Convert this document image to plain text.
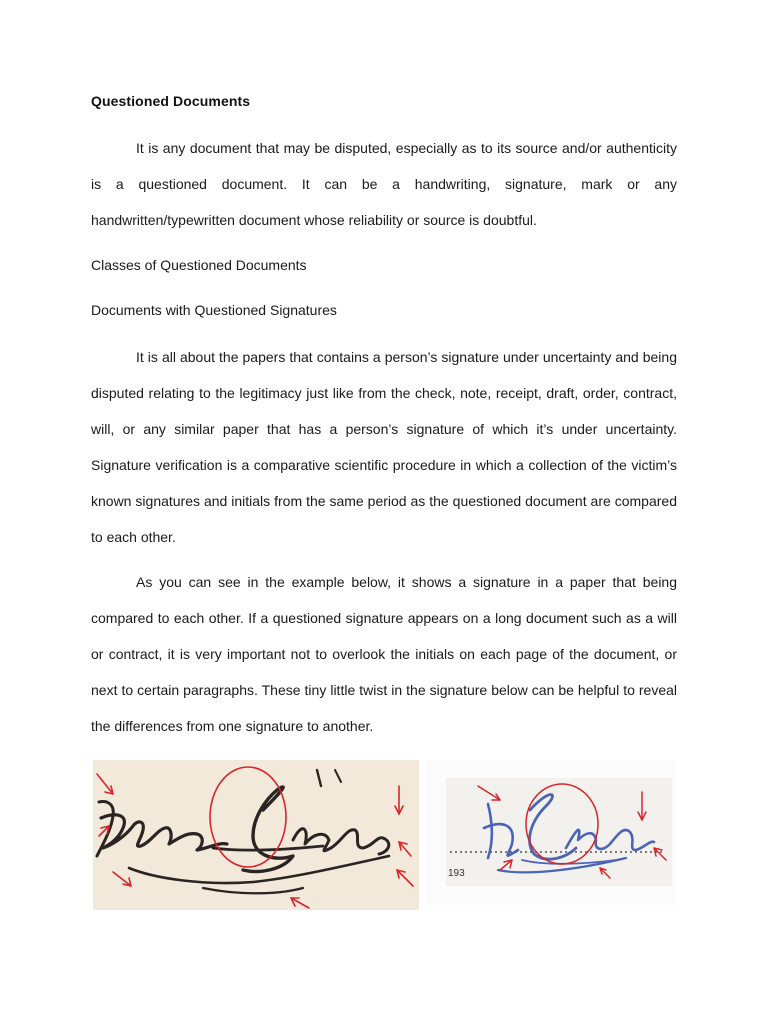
Questioned Documents

It is any document that may be disputed, especially as to its source and/or authenticity is a questioned document. It can be a handwriting, signature, mark or any handwritten/typewritten document whose reliability or source is doubtful.

Classes of Questioned Documents
Documents with Questioned Signatures

It is all about the papers that contains a person’s signature under uncertainty and being disputed relating to the legitimacy just like from the check, note, receipt, draft, order, contract, will, or any similar paper that has a person’s signature of which it’s under uncertainty. Signature verification is a comparative scientific procedure in which a collection of the victim’s known signatures and initials from the same period as the questioned document are compared to each other.

As you can see in the example below, it shows a signature in a paper that being compared to each other. If a questioned signature appears on a long document such as a will or contract, it is very important not to overlook the initials on each page of the document, or next to certain paragraphs. These tiny little twist in the signature below can be helpful to reveal the differences from one signature to another.

193
